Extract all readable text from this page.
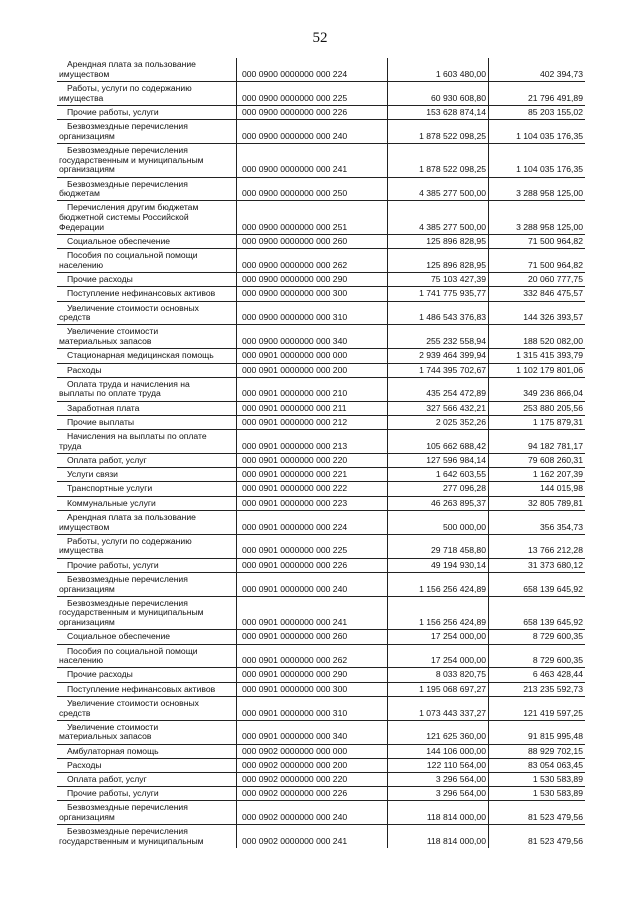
52
Арендная плата за пользование
имуществом	000 0900 0000000 000 224	1 603 480,00	402 394,73
Работы, услуги по содержанию
имущества	000 0900 0000000 000 225	60 930 608,80	21 796 491,89
Прочие работы, услуги	000 0900 0000000 000 226	153 628 874,14	85 203 155,02
Безвозмездные перечисления
организациям	000 0900 0000000 000 240	1 878 522 098,25	1 104 035 176,35
Безвозмездные перечисления
государственным и муниципальным
организациям	000 0900 0000000 000 241	1 878 522 098,25	1 104 035 176,35
Безвозмездные перечисления
бюджетам	000 0900 0000000 000 250	4 385 277 500,00	3 288 958 125,00
Перечисления другим бюджетам
бюджетной системы Российской
Федерации	000 0900 0000000 000 251	4 385 277 500,00	3 288 958 125,00
Социальное обеспечение	000 0900 0000000 000 260	125 896 828,95	71 500 964,82
Пособия по социальной помощи
населению	000 0900 0000000 000 262	125 896 828,95	71 500 964,82
Прочие расходы	000 0900 0000000 000 290	75 103 427,39	20 060 777,75
Поступление нефинансовых активов	000 0900 0000000 000 300	1 741 775 935,77	332 846 475,57
Увеличение стоимости основных
средств	000 0900 0000000 000 310	1 486 543 376,83	144 326 393,57
Увеличение стоимости
материальных запасов	000 0900 0000000 000 340	255 232 558,94	188 520 082,00
Стационарная медицинская помощь	000 0901 0000000 000 000	2 939 464 399,94	1 315 415 393,79
Расходы	000 0901 0000000 000 200	1 744 395 702,67	1 102 179 801,06
Оплата труда и начисления на
выплаты по оплате труда	000 0901 0000000 000 210	435 254 472,89	349 236 866,04
Заработная плата	000 0901 0000000 000 211	327 566 432,21	253 880 205,56
Прочие выплаты	000 0901 0000000 000 212	2 025 352,26	1 175 879,31
Начисления на выплаты по оплате
труда	000 0901 0000000 000 213	105 662 688,42	94 182 781,17
Оплата работ, услуг	000 0901 0000000 000 220	127 596 984,14	79 608 260,31
Услуги связи	000 0901 0000000 000 221	1 642 603,55	1 162 207,39
Транспортные услуги	000 0901 0000000 000 222	277 096,28	144 015,98
Коммунальные услуги	000 0901 0000000 000 223	46 263 895,37	32 805 789,81
Арендная плата за пользование
имуществом	000 0901 0000000 000 224	500 000,00	356 354,73
Работы, услуги по содержанию
имущества	000 0901 0000000 000 225	29 718 458,80	13 766 212,28
Прочие работы, услуги	000 0901 0000000 000 226	49 194 930,14	31 373 680,12
Безвозмездные перечисления
организациям	000 0901 0000000 000 240	1 156 256 424,89	658 139 645,92
Безвозмездные перечисления
государственным и муниципальным
организациям	000 0901 0000000 000 241	1 156 256 424,89	658 139 645,92
Социальное обеспечение	000 0901 0000000 000 260	17 254 000,00	8 729 600,35
Пособия по социальной помощи
населению	000 0901 0000000 000 262	17 254 000,00	8 729 600,35
Прочие расходы	000 0901 0000000 000 290	8 033 820,75	6 463 428,44
Поступление нефинансовых активов	000 0901 0000000 000 300	1 195 068 697,27	213 235 592,73
Увеличение стоимости основных
средств	000 0901 0000000 000 310	1 073 443 337,27	121 419 597,25
Увеличение стоимости
материальных запасов	000 0901 0000000 000 340	121 625 360,00	91 815 995,48
Амбулаторная помощь	000 0902 0000000 000 000	144 106 000,00	88 929 702,15
Расходы	000 0902 0000000 000 200	122 110 564,00	83 054 063,45
Оплата работ, услуг	000 0902 0000000 000 220	3 296 564,00	1 530 583,89
Прочие работы, услуги	000 0902 0000000 000 226	3 296 564,00	1 530 583,89
Безвозмездные перечисления
организациям	000 0902 0000000 000 240	118 814 000,00	81 523 479,56
Безвозмездные перечисления
государственным и муниципальным	000 0902 0000000 000 241	118 814 000,00	81 523 479,56
